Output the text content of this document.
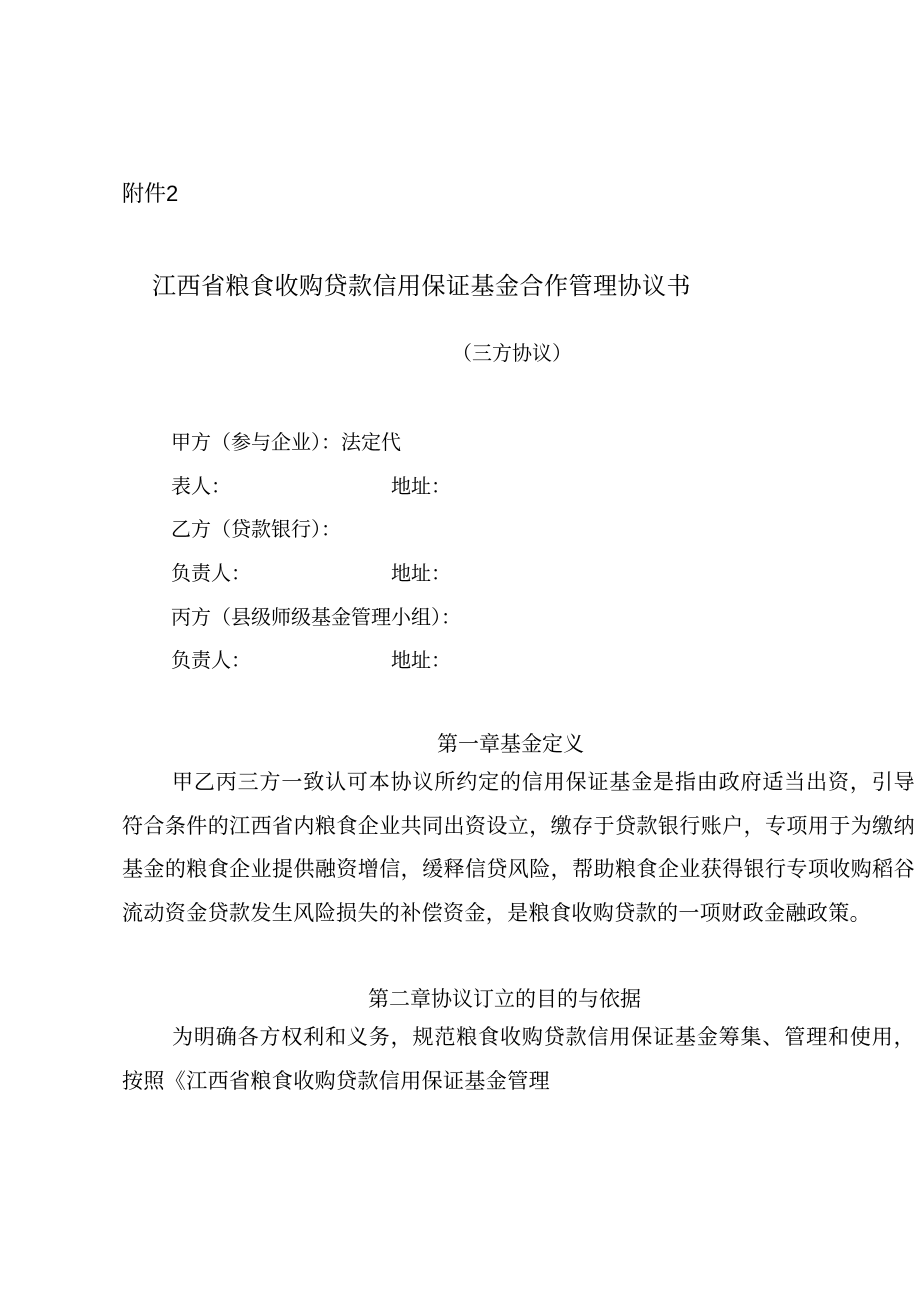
附件2
江西省粮食收购贷款信用保证基金合作管理协议书
（三方协议）
甲方（参与企业）：法定代
表人：	地址：
乙方（贷款银行）：
负责人：	地址：
丙方（县级师级基金管理小组）：
负责人：	地址：
第一章基金定义
甲乙丙三方一致认可本协议所约定的信用保证基金是指由政府适当出资，引导符合条件的江西省内粮食企业共同出资设立，缴存于贷款银行账户，专项用于为缴纳基金的粮食企业提供融资增信，缓释信贷风险，帮助粮食企业获得银行专项收购稻谷流动资金贷款发生风险损失的补偿资金，是粮食收购贷款的一项财政金融政策。
第二章协议订立的目的与依据
为明确各方权利和义务，规范粮食收购贷款信用保证基金筹集、管理和使用，按照《江西省粮食收购贷款信用保证基金管理
